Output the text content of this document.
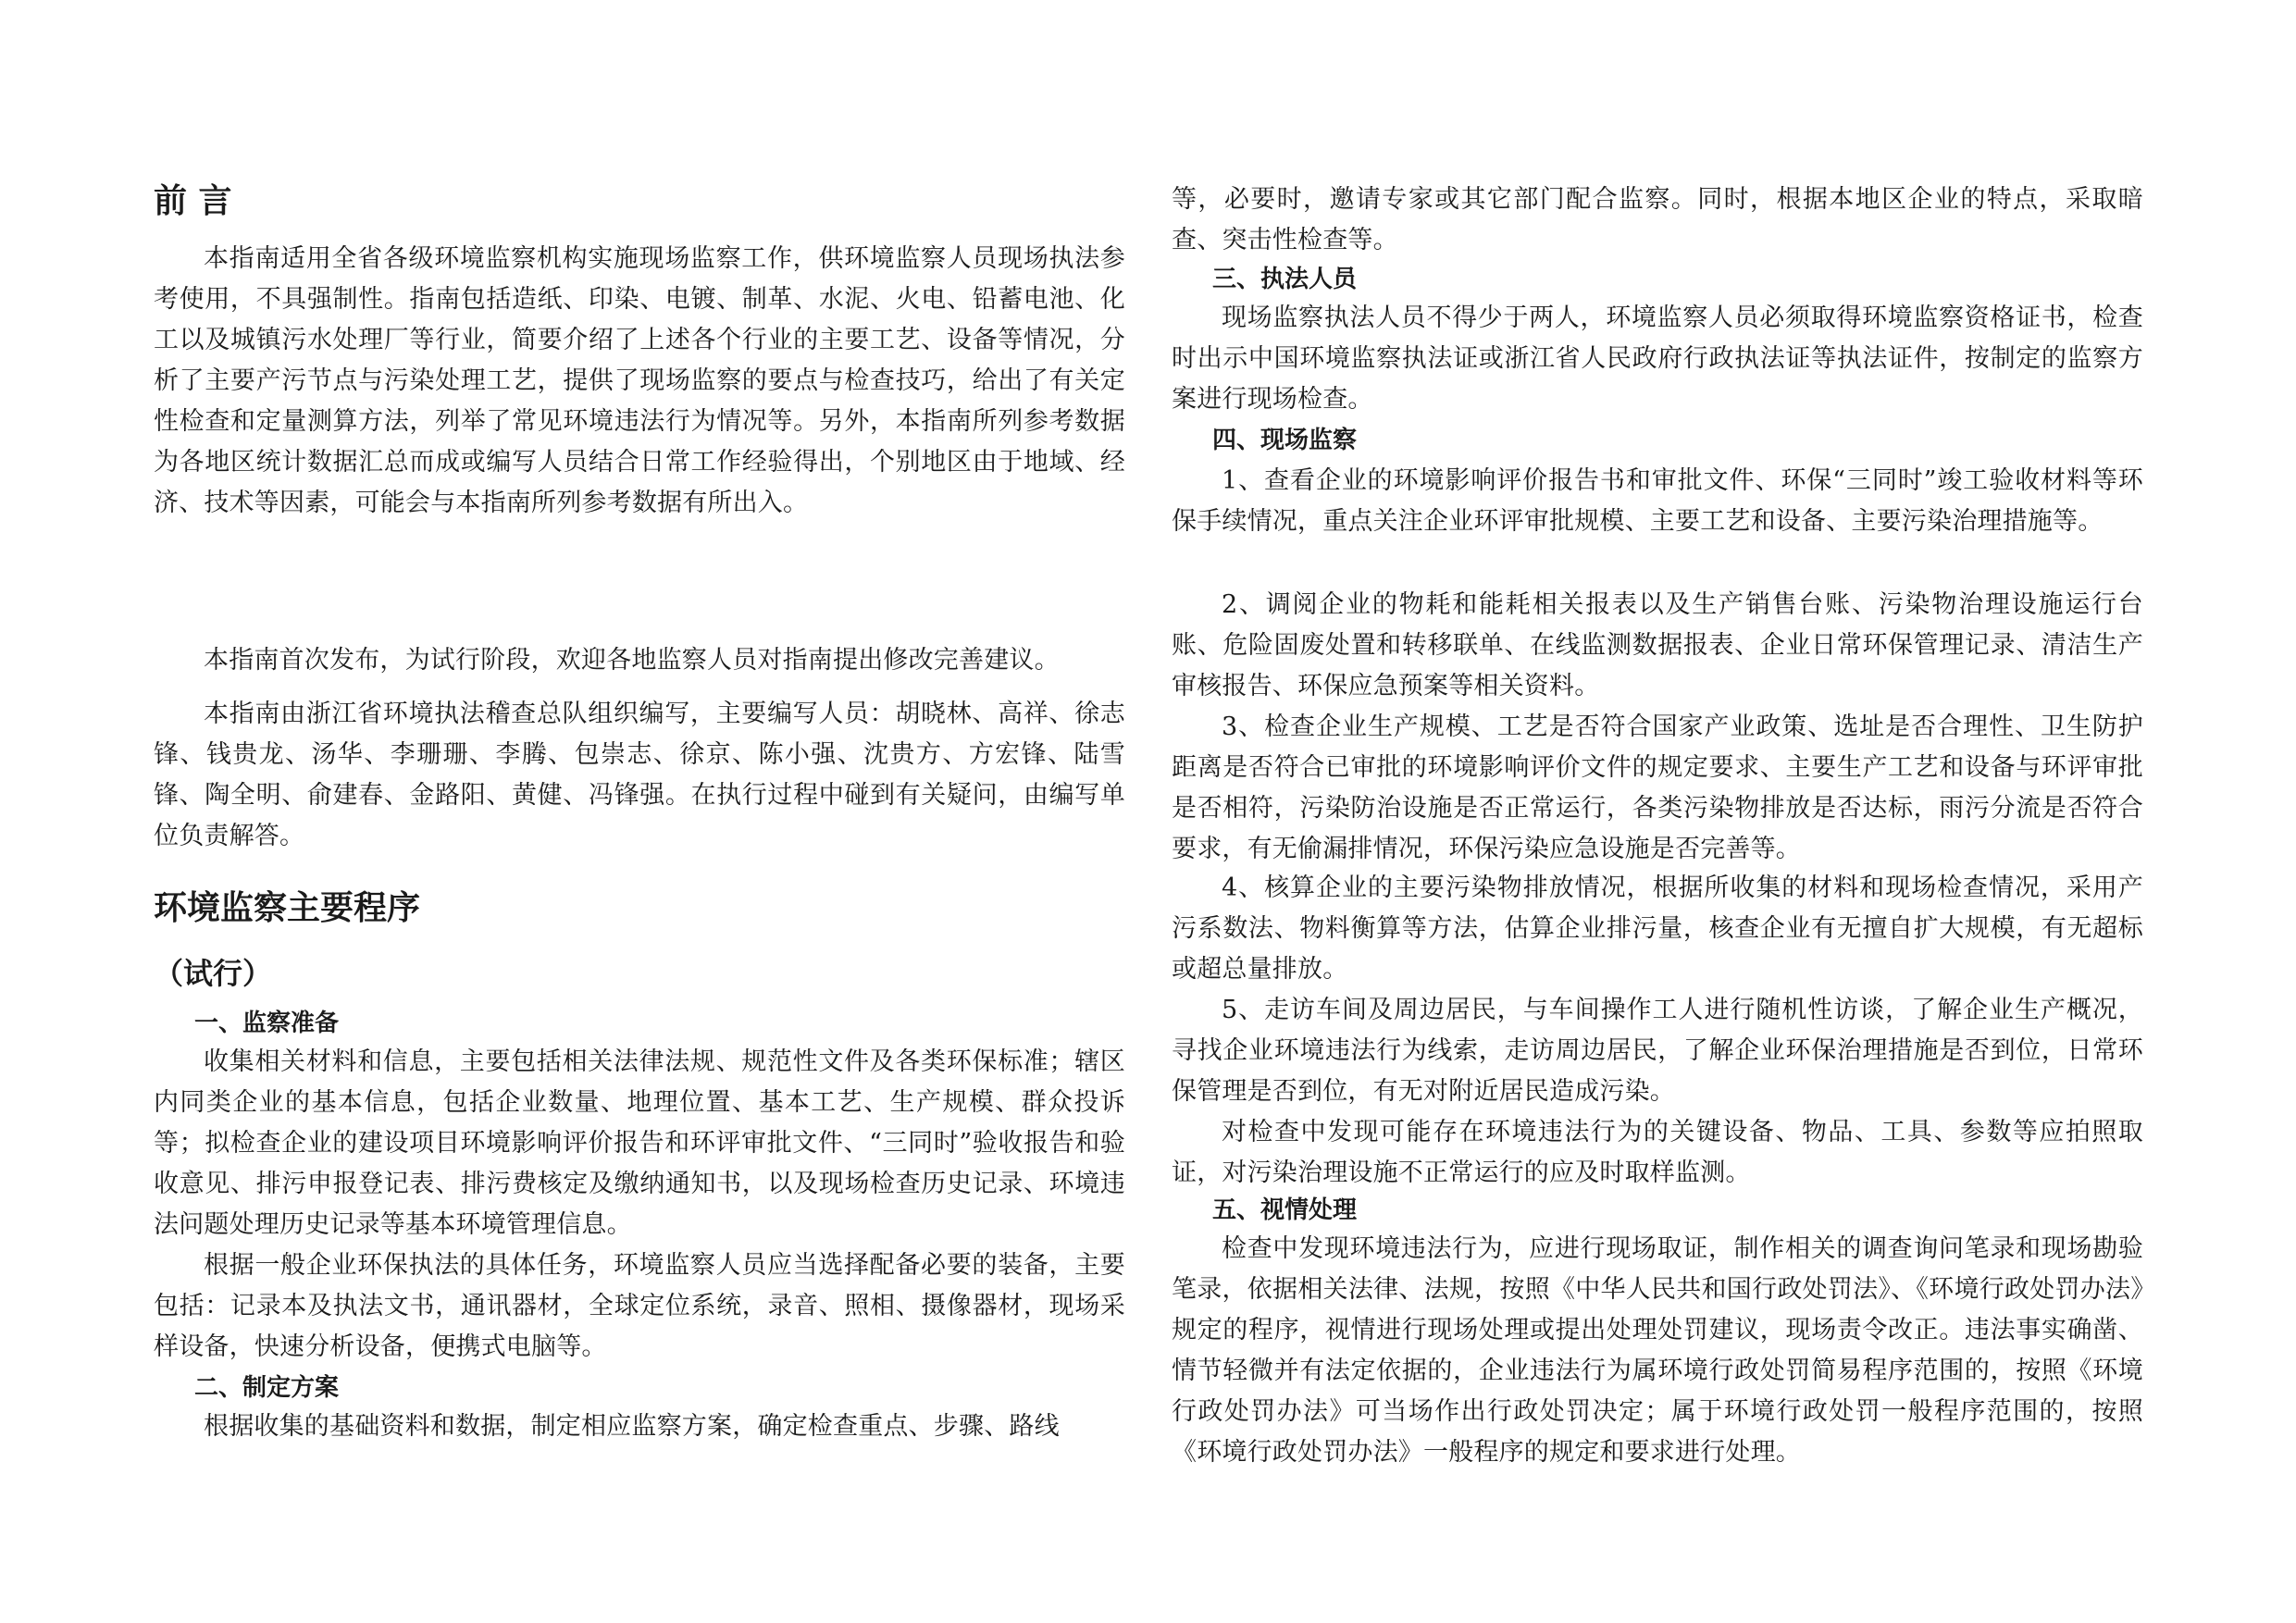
前 言

本指南适用全省各级环境监察机构实施现场监察工作，供环境监察人员现场执法参考使用，不具强制性。指南包括造纸、印染、电镀、制革、水泥、火电、铅蓄电池、化工以及城镇污水处理厂等行业，简要介绍了上述各个行业的主要工艺、设备等情况，分析了主要产污节点与污染处理工艺，提供了现场监察的要点与检查技巧，给出了有关定性检查和定量测算方法，列举了常见环境违法行为情况等。另外，本指南所列参考数据为各地区统计数据汇总而成或编写人员结合日常工作经验得出，个别地区由于地域、经济、技术等因素，可能会与本指南所列参考数据有所出入。

本指南首次发布，为试行阶段，欢迎各地监察人员对指南提出修改完善建议。

本指南由浙江省环境执法稽查总队组织编写，主要编写人员：胡晓林、高祥、徐志锋、钱贵龙、汤华、李珊珊、李腾、包崇志、徐京、陈小强、沈贵方、方宏锋、陆雪锋、陶全明、俞建春、金路阳、黄健、冯锋强。在执行过程中碰到有关疑问，由编写单位负责解答。

环境监察主要程序
（试行）
一、监察准备

收集相关材料和信息，主要包括相关法律法规、规范性文件及各类环保标准；辖区内同类企业的基本信息，包括企业数量、地理位置、基本工艺、生产规模、群众投诉等；拟检查企业的建设项目环境影响评价报告和环评审批文件、“三同时”验收报告和验收意见、排污申报登记表、排污费核定及缴纳通知书，以及现场检查历史记录、环境违法问题处理历史记录等基本环境管理信息。

根据一般企业环保执法的具体任务，环境监察人员应当选择配备必要的装备，主要包括：记录本及执法文书，通讯器材，全球定位系统，录音、照相、摄像器材，现场采样设备，快速分析设备，便携式电脑等。

二、制定方案

根据收集的基础资料和数据，制定相应监察方案，确定检查重点、步骤、路线

等，必要时，邀请专家或其它部门配合监察。同时，根据本地区企业的特点，采取暗查、突击性检查等。

三、执法人员

现场监察执法人员不得少于两人，环境监察人员必须取得环境监察资格证书，检查时出示中国环境监察执法证或浙江省人民政府行政执法证等执法证件，按制定的监察方案进行现场检查。

四、现场监察

1、查看企业的环境影响评价报告书和审批文件、环保“三同时”竣工验收材料等环保手续情况，重点关注企业环评审批规模、主要工艺和设备、主要污染治理措施等。

2、调阅企业的物耗和能耗相关报表以及生产销售台账、污染物治理设施运行台账、危险固废处置和转移联单、在线监测数据报表、企业日常环保管理记录、清洁生产审核报告、环保应急预案等相关资料。

3、检查企业生产规模、工艺是否符合国家产业政策、选址是否合理性、卫生防护距离是否符合已审批的环境影响评价文件的规定要求、主要生产工艺和设备与环评审批是否相符，污染防治设施是否正常运行，各类污染物排放是否达标，雨污分流是否符合要求，有无偷漏排情况，环保污染应急设施是否完善等。

4、核算企业的主要污染物排放情况，根据所收集的材料和现场检查情况，采用产污系数法、物料衡算等方法，估算企业排污量，核查企业有无擅自扩大规模，有无超标或超总量排放。

5、走访车间及周边居民，与车间操作工人进行随机性访谈，了解企业生产概况，寻找企业环境违法行为线索，走访周边居民，了解企业环保治理措施是否到位，日常环保管理是否到位，有无对附近居民造成污染。

对检查中发现可能存在环境违法行为的关键设备、物品、工具、参数等应拍照取证，对污染治理设施不正常运行的应及时取样监测。

五、视情处理

检查中发现环境违法行为，应进行现场取证，制作相关的调查询问笔录和现场勘验笔录，依据相关法律、法规，按照《中华人民共和国行政处罚法》、《环境行政处罚办法》规定的程序，视情进行现场处理或提出处理处罚建议，现场责令改正。违法事实确凿、情节轻微并有法定依据的，企业违法行为属环境行政处罚简易程序范围的，按照《环境行政处罚办法》可当场作出行政处罚决定；属于环境行政处罚一般程序范围的，按照《环境行政处罚办法》一般程序的规定和要求进行处理。
